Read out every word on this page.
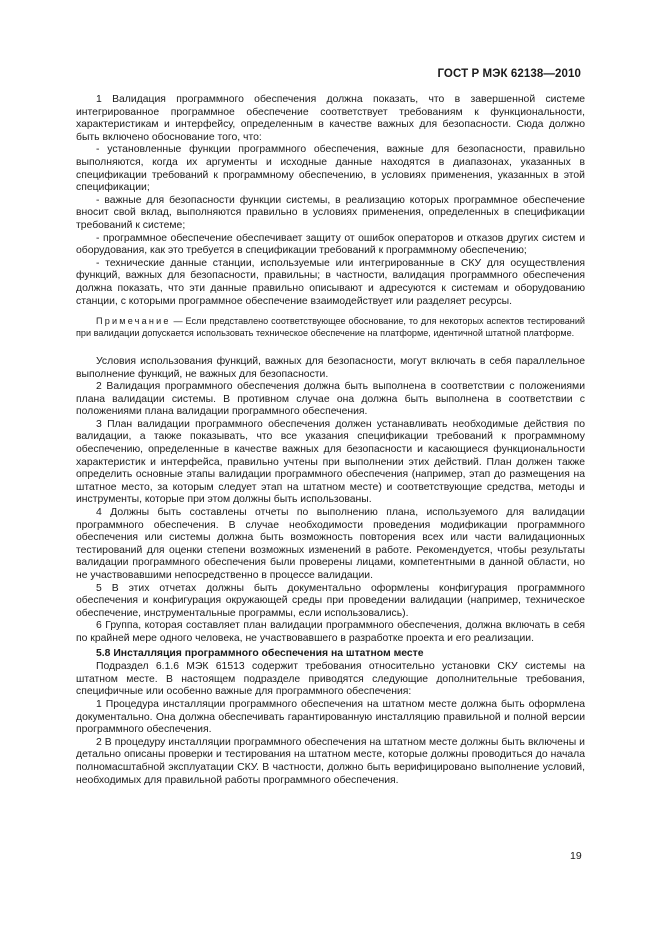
ГОСТ Р МЭК 62138—2010

1 Валидация программного обеспечения должна показать, что в завершенной системе интегрированное программное обеспечение соответствует требованиям к функциональности, характеристикам и интерфейсу, определенным в качестве важных для безопасности. Сюда должно быть включено обоснование того, что:

- установленные функции программного обеспечения, важные для безопасности, правильно выполняются, когда их аргументы и исходные данные находятся в диапазонах, указанных в спецификации требований к программному обеспечению, в условиях применения, указанных в этой спецификации;

- важные для безопасности функции системы, в реализацию которых программное обеспечение вносит свой вклад, выполняются правильно в условиях применения, определенных в спецификации требований к системе;

- программное обеспечение обеспечивает защиту от ошибок операторов и отказов других систем и оборудования, как это требуется в спецификации требований к программному обеспечению;

- технические данные станции, используемые или интегрированные в СКУ для осуществления функций, важных для безопасности, правильны; в частности, валидация программного обеспечения должна показать, что эти данные правильно описывают и адресуются к системам и оборудованию станции, с которыми программное обеспечение взаимодействует или разделяет ресурсы.

Примечание — Если представлено соответствующее обоснование, то для некоторых аспектов тестирований при валидации допускается использовать техническое обеспечение на платформе, идентичной штатной платформе.

Условия использования функций, важных для безопасности, могут включать в себя параллельное выполнение функций, не важных для безопасности.

2 Валидация программного обеспечения должна быть выполнена в соответствии с положениями плана валидации системы. В противном случае она должна быть выполнена в соответствии с положениями плана валидации программного обеспечения.

3 План валидации программного обеспечения должен устанавливать необходимые действия по валидации, а также показывать, что все указания спецификации требований к программному обеспечению, определенные в качестве важных для безопасности и касающиеся функциональности характеристик и интерфейса, правильно учтены при выполнении этих действий. План должен также определить основные этапы валидации программного обеспечения (например, этап до размещения на штатное место, за которым следует этап на штатном месте) и соответствующие средства, методы и инструменты, которые при этом должны быть использованы.

4 Должны быть составлены отчеты по выполнению плана, используемого для валидации программного обеспечения. В случае необходимости проведения модификации программного обеспечения или системы должна быть возможность повторения всех или части валидационных тестирований для оценки степени возможных изменений в работе. Рекомендуется, чтобы результаты валидации программного обеспечения были проверены лицами, компетентными в данной области, но не участвовавшими непосредственно в процессе валидации.

5 В этих отчетах должны быть документально оформлены конфигурация программного обеспечения и конфигурация окружающей среды при проведении валидации (например, техническое обеспечение, инструментальные программы, если использовались).

6 Группа, которая составляет план валидации программного обеспечения, должна включать в себя по крайней мере одного человека, не участвовавшего в разработке проекта и его реализации.

5.8 Инсталляция программного обеспечения на штатном месте

Подраздел 6.1.6 МЭК 61513 содержит требования относительно установки СКУ системы на штатном месте. В настоящем подразделе приводятся следующие дополнительные требования, специфичные или особенно важные для программного обеспечения:

1 Процедура инсталляции программного обеспечения на штатном месте должна быть оформлена документально. Она должна обеспечивать гарантированную инсталляцию правильной и полной версии программного обеспечения.

2 В процедуру инсталляции программного обеспечения на штатном месте должны быть включены и детально описаны проверки и тестирования на штатном месте, которые должны проводиться до начала полномасштабной эксплуатации СКУ. В частности, должно быть верифицировано выполнение условий, необходимых для правильной работы программного обеспечения.

19
